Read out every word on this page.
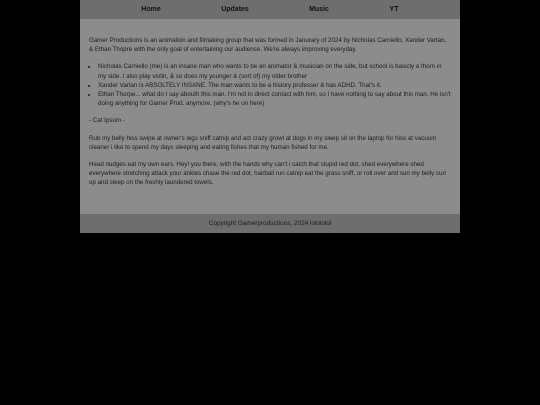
Home	Updates	Music	YT

Gamer Productions is an animation and filmaking group that was formed in Janurary of 2024 by Nicholas Carniello, Xander Vartan, & Ethan Thopre with the only goal of entertaining our audience. We're always improving everyday.

• Nicholas Carniello (me) is an insane man who wants to be an animator & musician on the side, but school is basicly a thorn in my side. I also play violin, & so does my younger & (sort of) my older brother
• Xander Vartan is ABSOLTELY INSANE. The man wants to be a history professer & has ADHD. That's it.
• Ethan Thorpe... what do I say abouth this man. I'm not in direct contact with him, so I have nothing to say about this man. He isn't doing anything for Gamer Prod. anymore. (why's he on here)

- Cat Ipsum -

Rub my belly hiss swipe at owner's legs sniff catnip and act crazy growl at dogs in my sleep sit on the laptop for hiss at vacuum cleaner i like to spend my days sleeping and eating fishes that my human fished for me.

Head nudges eat my own ears. Hey! you there, with the hands why can't i catch that stupid red dot, shed everywhere shed everywhere stretching attack your ankles chase the red dot, hairball run catnip eat the grass sniff, or roll over and sun my belly curl up and sleep on the freshly laundered towels.

Copyright Gamerproductions, 2024 lolololol
